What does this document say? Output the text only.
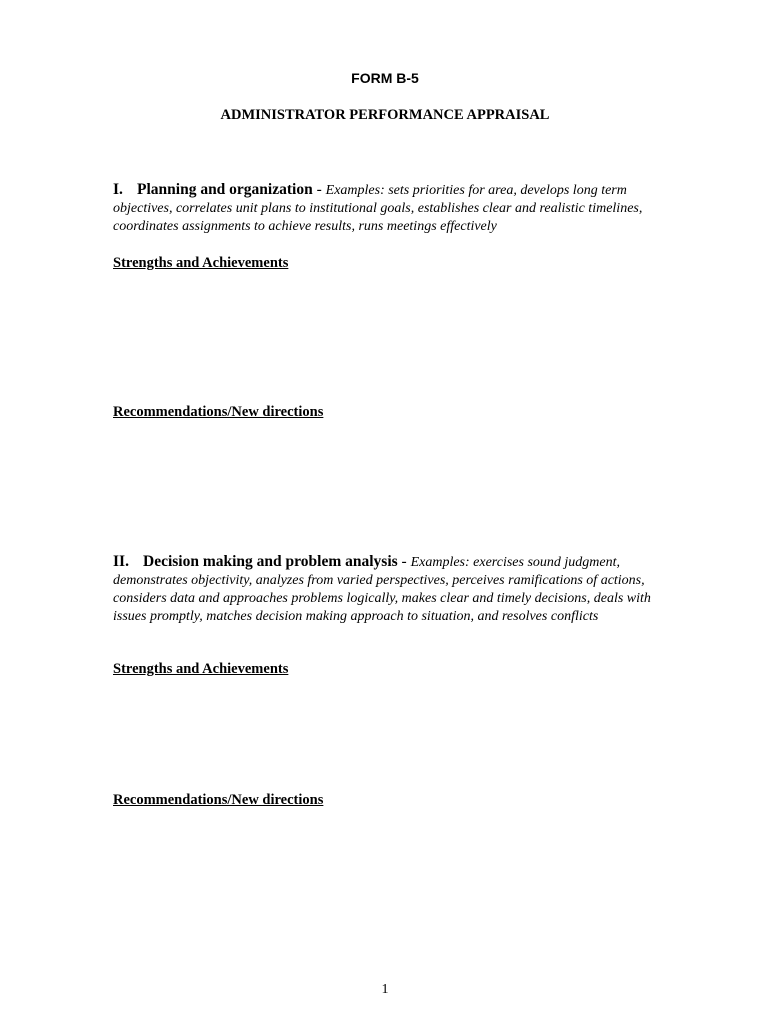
FORM B-5
ADMINISTRATOR PERFORMANCE APPRAISAL
I. Planning and organization - Examples: sets priorities for area, develops long term objectives, correlates unit plans to institutional goals, establishes clear and realistic timelines, coordinates assignments to achieve results, runs meetings effectively
Strengths and Achievements
Recommendations/New directions
II. Decision making and problem analysis - Examples: exercises sound judgment, demonstrates objectivity, analyzes from varied perspectives, perceives ramifications of actions, considers data and approaches problems logically, makes clear and timely decisions, deals with issues promptly, matches decision making approach to situation, and resolves conflicts
Strengths and Achievements
Recommendations/New directions
1
